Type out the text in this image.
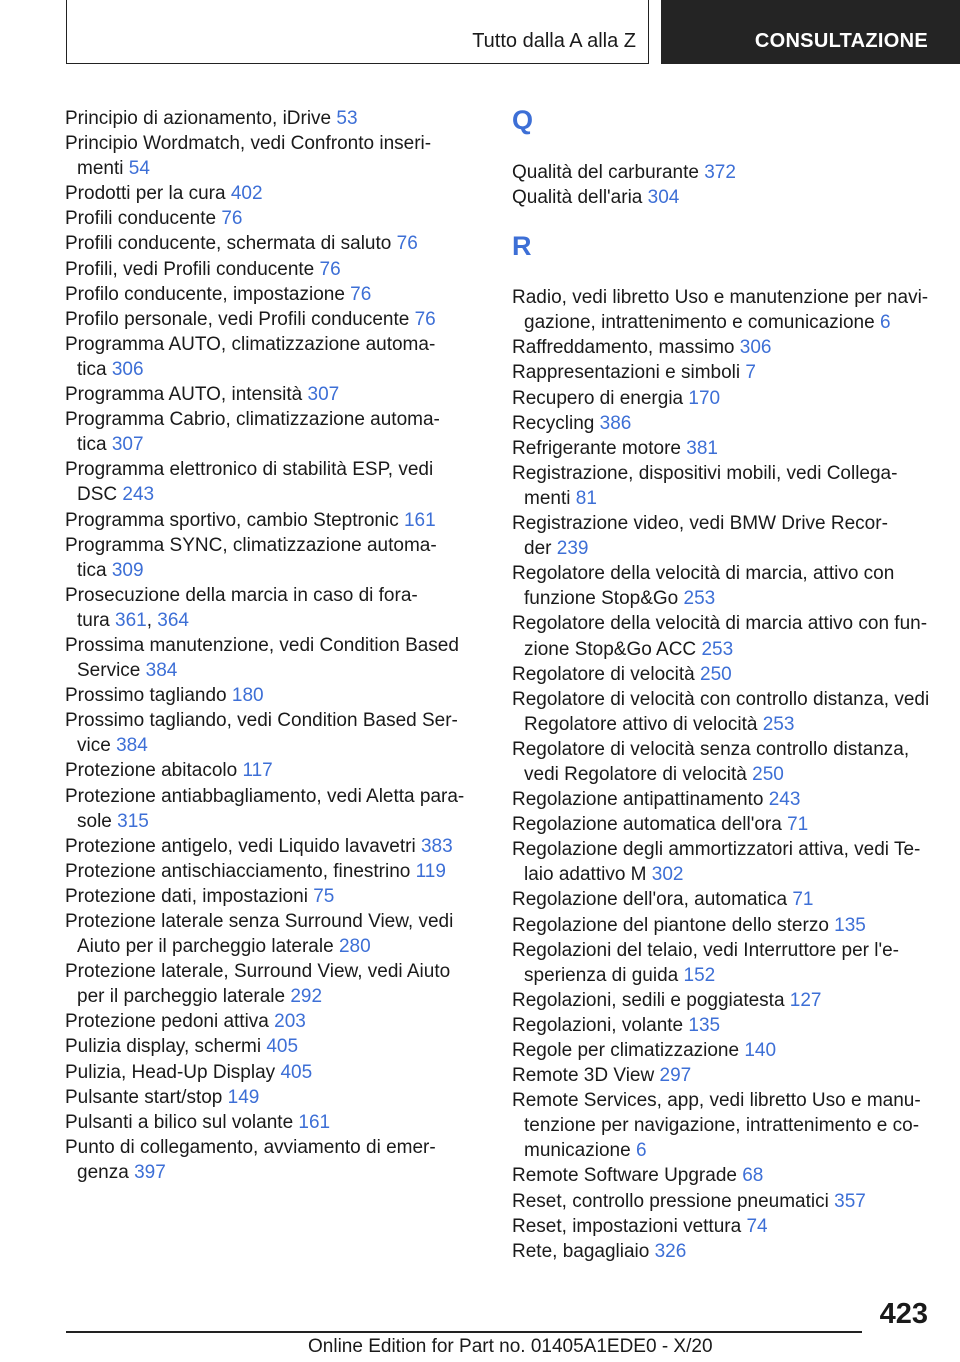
Tutto dalla A alla Z	CONSULTAZIONE
Principio di azionamento, iDrive 53
Principio Wordmatch, vedi Confronto inseri-
menti 54
Prodotti per la cura 402
Profili conducente 76
Profili conducente, schermata di saluto 76
Profili, vedi Profili conducente 76
Profilo conducente, impostazione 76
Profilo personale, vedi Profili conducente 76
Programma AUTO, climatizzazione automa-
tica 306
Programma AUTO, intensità 307
Programma Cabrio, climatizzazione automa-
tica 307
Programma elettronico di stabilità ESP, vedi
DSC 243
Programma sportivo, cambio Steptronic 161
Programma SYNC, climatizzazione automa-
tica 309
Prosecuzione della marcia in caso di fora-
tura 361, 364
Prossima manutenzione, vedi Condition Based
Service 384
Prossimo tagliando 180
Prossimo tagliando, vedi Condition Based Ser-
vice 384
Protezione abitacolo 117
Protezione antiabbagliamento, vedi Aletta para-
sole 315
Protezione antigelo, vedi Liquido lavavetri 383
Protezione antischiacciamento, finestrino 119
Protezione dati, impostazioni 75
Protezione laterale senza Surround View, vedi
Aiuto per il parcheggio laterale 280
Protezione laterale, Surround View, vedi Aiuto
per il parcheggio laterale 292
Protezione pedoni attiva 203
Pulizia display, schermi 405
Pulizia, Head-Up Display 405
Pulsante start/stop 149
Pulsanti a bilico sul volante 161
Punto di collegamento, avviamento di emer-
genza 397
Q
Qualità del carburante 372
Qualità dell'aria 304
R
Radio, vedi libretto Uso e manutenzione per navi-
gazione, intrattenimento e comunicazione 6
Raffreddamento, massimo 306
Rappresentazioni e simboli 7
Recupero di energia 170
Recycling 386
Refrigerante motore 381
Registrazione, dispositivi mobili, vedi Collega-
menti 81
Registrazione video, vedi BMW Drive Recor-
der 239
Regolatore della velocità di marcia, attivo con
funzione Stop&Go 253
Regolatore della velocità di marcia attivo con fun-
zione Stop&Go ACC 253
Regolatore di velocità 250
Regolatore di velocità con controllo distanza, vedi
Regolatore attivo di velocità 253
Regolatore di velocità senza controllo distanza,
vedi Regolatore di velocità 250
Regolazione antipattinamento 243
Regolazione automatica dell'ora 71
Regolazione degli ammortizzatori attiva, vedi Te-
laio adattivo M 302
Regolazione dell'ora, automatica 71
Regolazione del piantone dello sterzo 135
Regolazioni del telaio, vedi Interruttore per l'e-
sperienza di guida 152
Regolazioni, sedili e poggiatesta 127
Regolazioni, volante 135
Regole per climatizzazione 140
Remote 3D View 297
Remote Services, app, vedi libretto Uso e manu-
tenzione per navigazione, intrattenimento e co-
municazione 6
Remote Software Upgrade 68
Reset, controllo pressione pneumatici 357
Reset, impostazioni vettura 74
Rete, bagagliaio 326
423
Online Edition for Part no. 01405A1EDE0 - X/20
